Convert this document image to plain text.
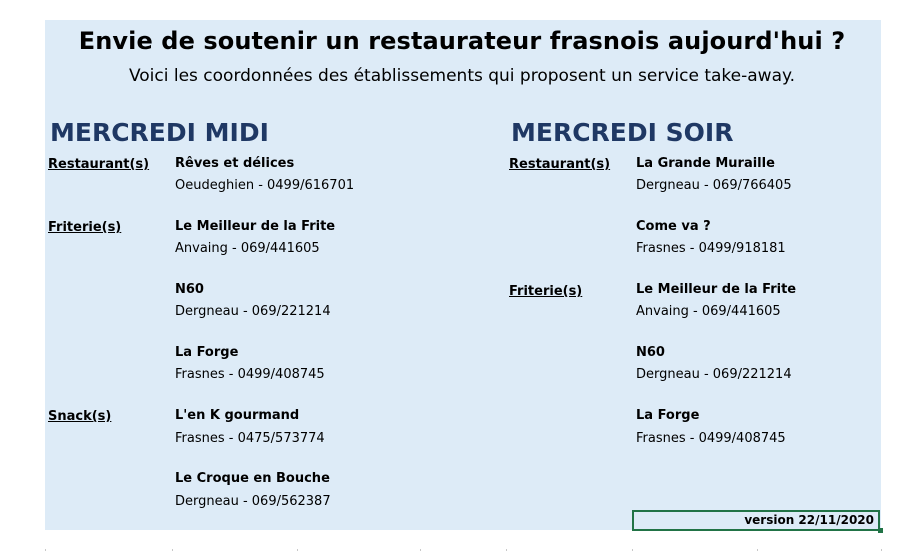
Envie de soutenir un restaurateur frasnois aujourd'hui ?
Voici les coordonnées des établissements qui proposent un service take-away.
MERCREDI MIDI
Restaurant(s)
Friterie(s)
Snack(s)
Rêves et délices
Oeudeghien - 0499/616701
Le Meilleur de la Frite
Anvaing - 069/441605
N60
Dergneau - 069/221214
La Forge
Frasnes - 0499/408745
L'en K gourmand
Frasnes - 0475/573774
Le Croque en Bouche
Dergneau - 069/562387
MERCREDI SOIR
Restaurant(s)
Friterie(s)
La Grande Muraille
Dergneau - 069/766405
Come va ?
Frasnes - 0499/918181
Le Meilleur de la Frite
Anvaing - 069/441605
N60
Dergneau - 069/221214
La Forge
Frasnes - 0499/408745
version 22/11/2020
